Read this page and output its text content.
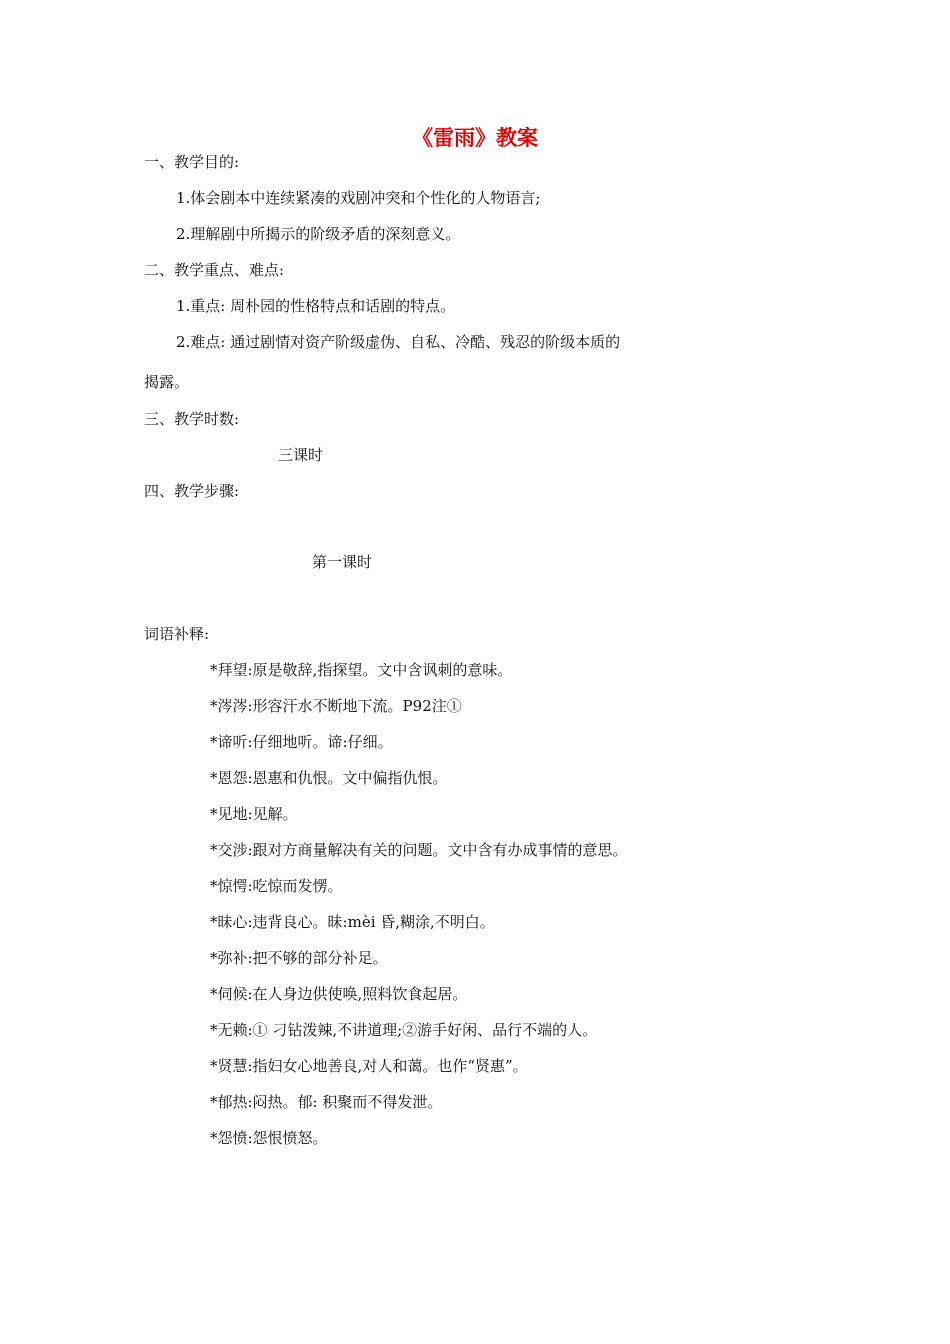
《雷雨》教案
一、教学目的:
1.体会剧本中连续紧凑的戏剧冲突和个性化的人物语言;
2.理解剧中所揭示的阶级矛盾的深刻意义。
二、教学重点、难点:
1.重点: 周朴园的性格特点和话剧的特点。
2.难点: 通过剧情对资产阶级虚伪、自私、冷酷、残忍的阶级本质的
揭露。
三、教学时数:
三课时
四、教学步骤:
第一课时
词语补释:
*拜望:原是敬辞,指探望。文中含讽刺的意味。
*涔涔:形容汗水不断地下流。P92注①
*谛听:仔细地听。谛:仔细。
*恩怨:恩惠和仇恨。文中偏指仇恨。
*见地:见解。
*交涉:跟对方商量解决有关的问题。文中含有办成事情的意思。
*惊愕:吃惊而发愣。
*昧心:违背良心。昧:mèi 昏,糊涂,不明白。
*弥补:把不够的部分补足。
*伺候:在人身边供使唤,照料饮食起居。
*无赖:① 刁钻泼辣,不讲道理;②游手好闲、品行不端的人。
*贤慧:指妇女心地善良,对人和蔼。也作“贤惠”。
*郁热:闷热。郁: 积聚而不得发泄。
*怨愤:怨恨愤怒。
